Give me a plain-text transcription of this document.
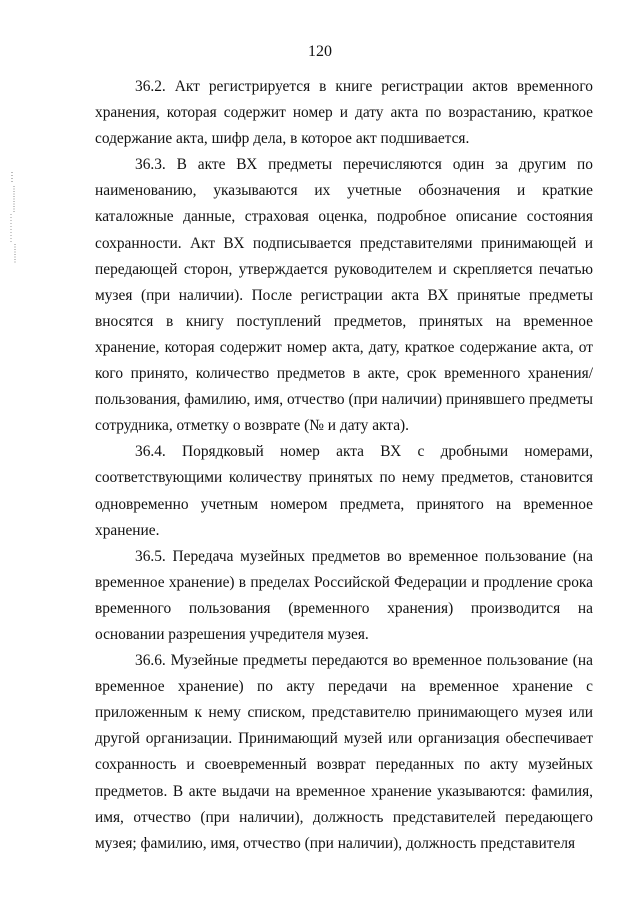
120

36.2. Акт регистрируется в книге регистрации актов временного хранения, которая содержит номер и дату акта по возрастанию, краткое содержание акта, шифр дела, в которое акт подшивается.

36.3. В акте ВХ предметы перечисляются один за другим по наименованию, указываются их учетные обозначения и краткие каталожные данные, страховая оценка, подробное описание состояния сохранности. Акт ВХ подписывается представителями принимающей и передающей сторон, утверждается руководителем и скрепляется печатью музея (при наличии). После регистрации акта ВХ принятые предметы вносятся в книгу поступлений предметов, принятых на временное хранение, которая содержит номер акта, дату, краткое содержание акта, от кого принято, количество предметов в акте, срок временного хранения/пользования, фамилию, имя, отчество (при наличии) принявшего предметы сотрудника, отметку о возврате (№ и дату акта).

36.4. Порядковый номер акта ВХ с дробными номерами, соответствующими количеству принятых по нему предметов, становится одновременно учетным номером предмета, принятого на временное хранение.

36.5. Передача музейных предметов во временное пользование (на временное хранение) в пределах Российской Федерации и продление срока временного пользования (временного хранения) производится на основании разрешения учредителя музея.

36.6. Музейные предметы передаются во временное пользование (на временное хранение) по акту передачи на временное хранение с приложенным к нему списком, представителю принимающего музея или другой организации. Принимающий музей или организация обеспечивает сохранность и своевременный возврат переданных по акту музейных предметов. В акте выдачи на временное хранение указываются: фамилия, имя, отчество (при наличии), должность представителей передающего музея; фамилию, имя, отчество (при наличии), должность представителя
